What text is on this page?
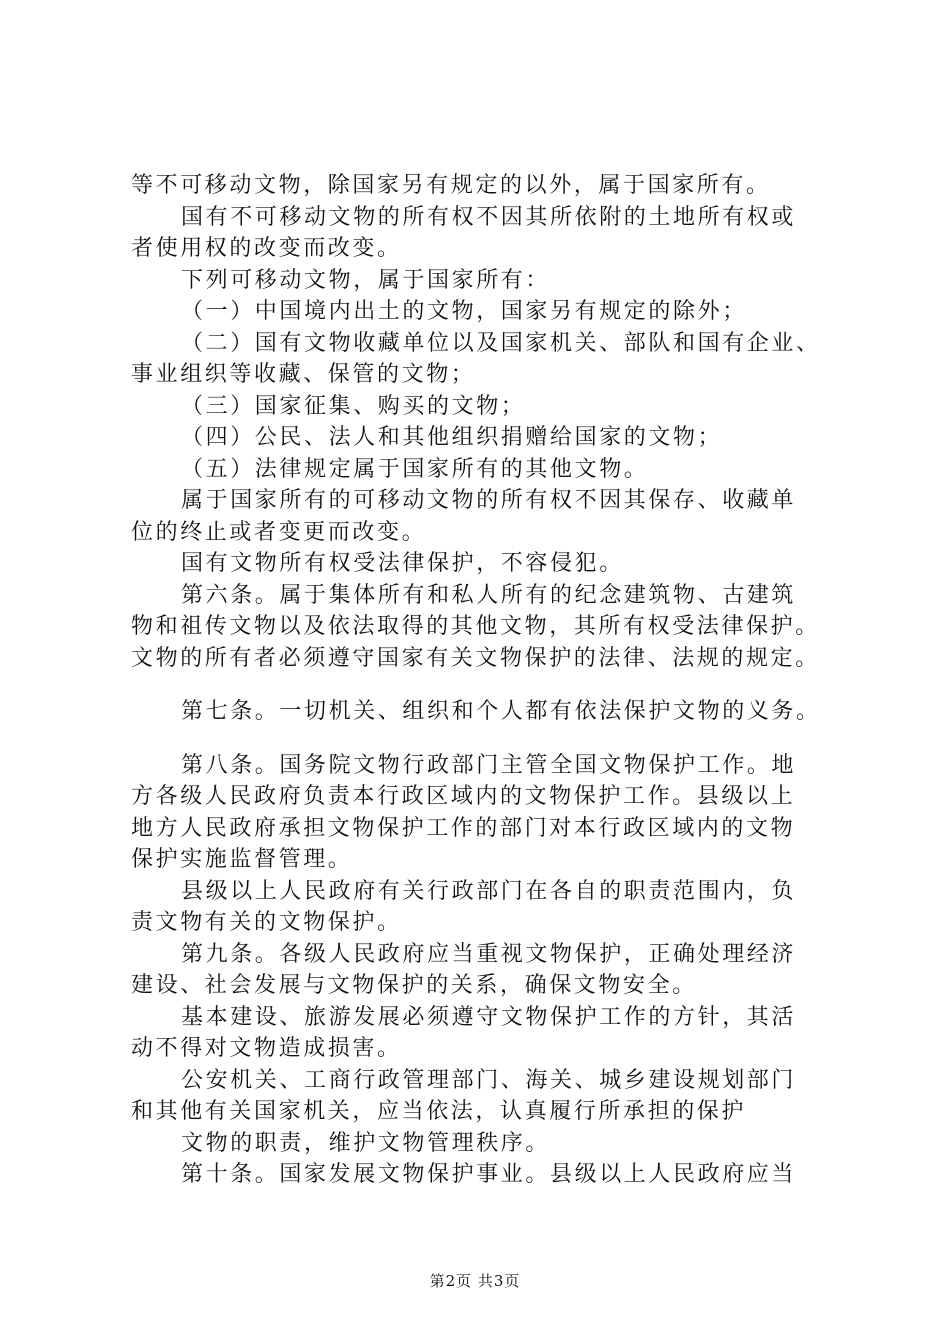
等不可移动文物，除国家另有规定的以外，属于国家所有。
国有不可移动文物的所有权不因其所依附的土地所有权或
者使用权的改变而改变。
下列可移动文物，属于国家所有：
（一）中国境内出土的文物，国家另有规定的除外；
（二）国有文物收藏单位以及国家机关、部队和国有企业、
事业组织等收藏、保管的文物；
（三）国家征集、购买的文物；
（四）公民、法人和其他组织捐赠给国家的文物；
（五）法律规定属于国家所有的其他文物。
属于国家所有的可移动文物的所有权不因其保存、收藏单
位的终止或者变更而改变。
国有文物所有权受法律保护，不容侵犯。
第六条。属于集体所有和私人所有的纪念建筑物、古建筑
物和祖传文物以及依法取得的其他文物，其所有权受法律保护。
文物的所有者必须遵守国家有关文物保护的法律、法规的规定。
第七条。一切机关、组织和个人都有依法保护文物的义务。
第八条。国务院文物行政部门主管全国文物保护工作。地
方各级人民政府负责本行政区域内的文物保护工作。县级以上
地方人民政府承担文物保护工作的部门对本行政区域内的文物
保护实施监督管理。
县级以上人民政府有关行政部门在各自的职责范围内，负
责文物有关的文物保护。
第九条。各级人民政府应当重视文物保护，正确处理经济
建设、社会发展与文物保护的关系，确保文物安全。
基本建设、旅游发展必须遵守文物保护工作的方针，其活
动不得对文物造成损害。
公安机关、工商行政管理部门、海关、城乡建设规划部门
和其他有关国家机关，应当依法，认真履行所承担的保护
文物的职责，维护文物管理秩序。
第十条。国家发展文物保护事业。县级以上人民政府应当
第2页 共3页
